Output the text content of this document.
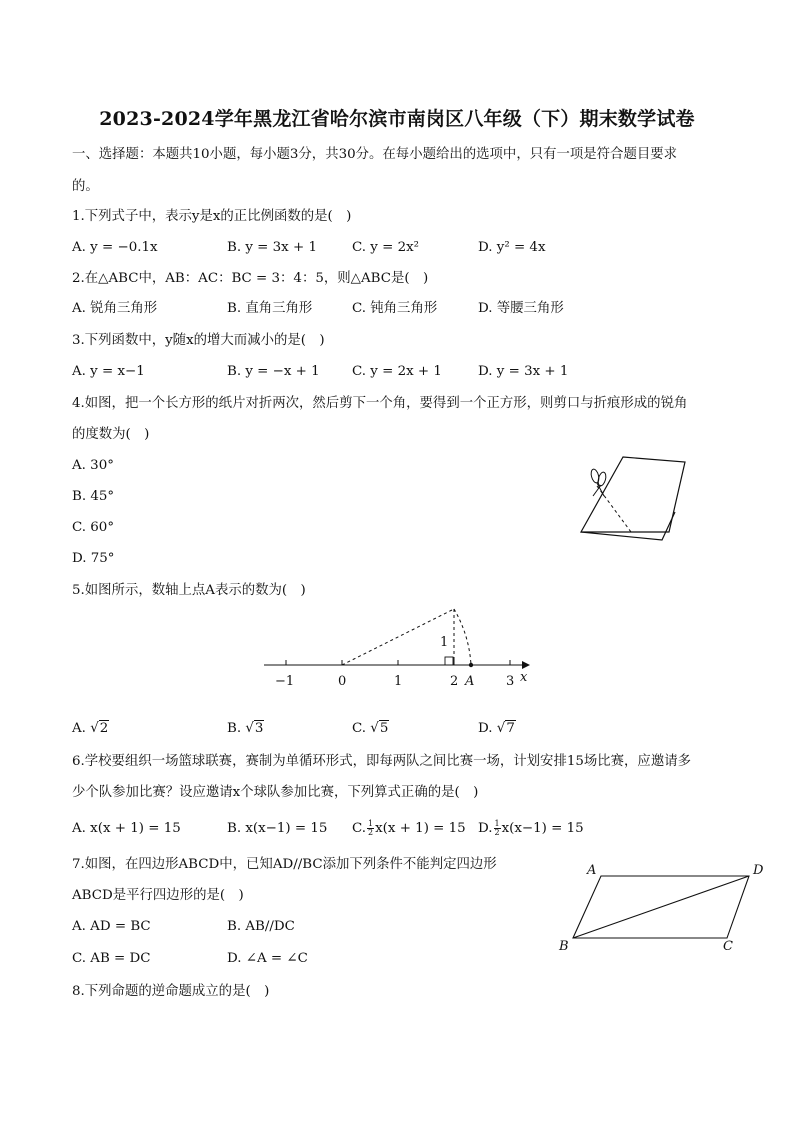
2023-2024学年黑龙江省哈尔滨市南岗区八年级（下）期末数学试卷
一、选择题：本题共10小题，每小题3分，共30分。在每小题给出的选项中，只有一项是符合题目要求
的。
1.下列式子中，表示y是x的正比例函数的是(　)
A. y = −0.1x	B. y = 3x + 1	C. y = 2x²	D. y² = 4x
2.在△ABC中，AB：AC：BC = 3：4：5，则△ABC是(　)
A. 锐角三角形	B. 直角三角形	C. 钝角三角形	D. 等腰三角形
3.下列函数中，y随x的增大而减小的是(　)
A. y = x−1	B. y = −x + 1 C. y = 2x + 1	D. y = 3x + 1
4.如图，把一个长方形的纸片对折两次，然后剪下一个角，要得到一个正方形，则剪口与折痕形成的锐角
的度数为(　)
A. 30°
B. 45°
C. 60°
D. 75°
5.如图所示，数轴上点A表示的数为(　)
−1	0	1	2	3 x
1
A
A. √2	B. √3	C. √5	D. √7
6.学校要组织一场篮球联赛，赛制为单循环形式，即每两队之间比赛一场，计划安排15场比赛，应邀请多
少个队参加比赛？设应邀请x个球队参加比赛，下列算式正确的是(　)
A. x(x + 1) = 15	B. x(x−1) = 15 C. $\frac{1}{2} x(x + 1) = 15$ D. $\frac{1}{2} x(x-1) = 15$
7.如图，在四边形ABCD中，已知AD//BC添加下列条件不能判定四边形
ABCD是平行四边形的是(　)
A. AD = BC	B. AB//DC
C. AB = DC	D. ∠A = ∠C
A	D
B	C
8.下列命题的逆命题成立的是(　)
